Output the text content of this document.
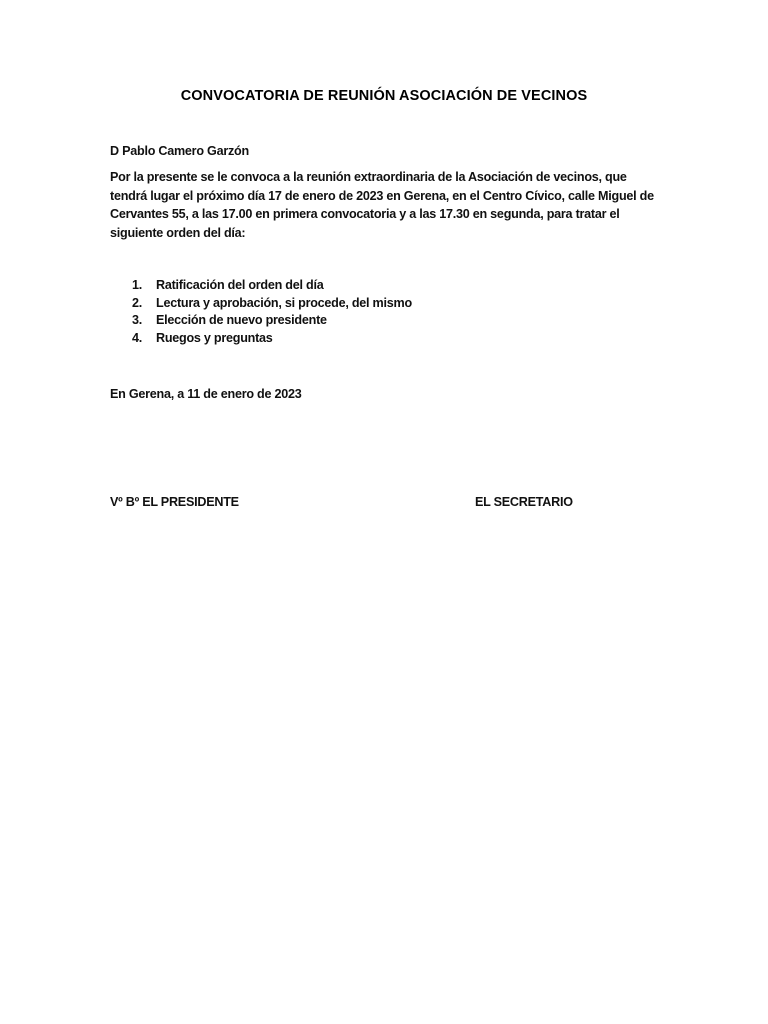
CONVOCATORIA DE REUNIÓN ASOCIACIÓN DE VECINOS
D Pablo Camero Garzón

Por la presente se le convoca a la reunión extraordinaria de la Asociación de vecinos, que tendrá lugar el próximo día 17 de enero de 2023 en Gerena, en el Centro Cívico, calle Miguel de Cervantes 55, a las 17.00 en primera convocatoria y a las 17.30 en segunda, para tratar el siguiente orden del día:

1.	Ratificación del orden del día
2.	Lectura y aprobación, si procede, del mismo
3.	Elección de nuevo presidente
4.	Ruegos y preguntas
En Gerena, a 11 de enero de 2023
Vº Bº EL PRESIDENTE	EL SECRETARIO
